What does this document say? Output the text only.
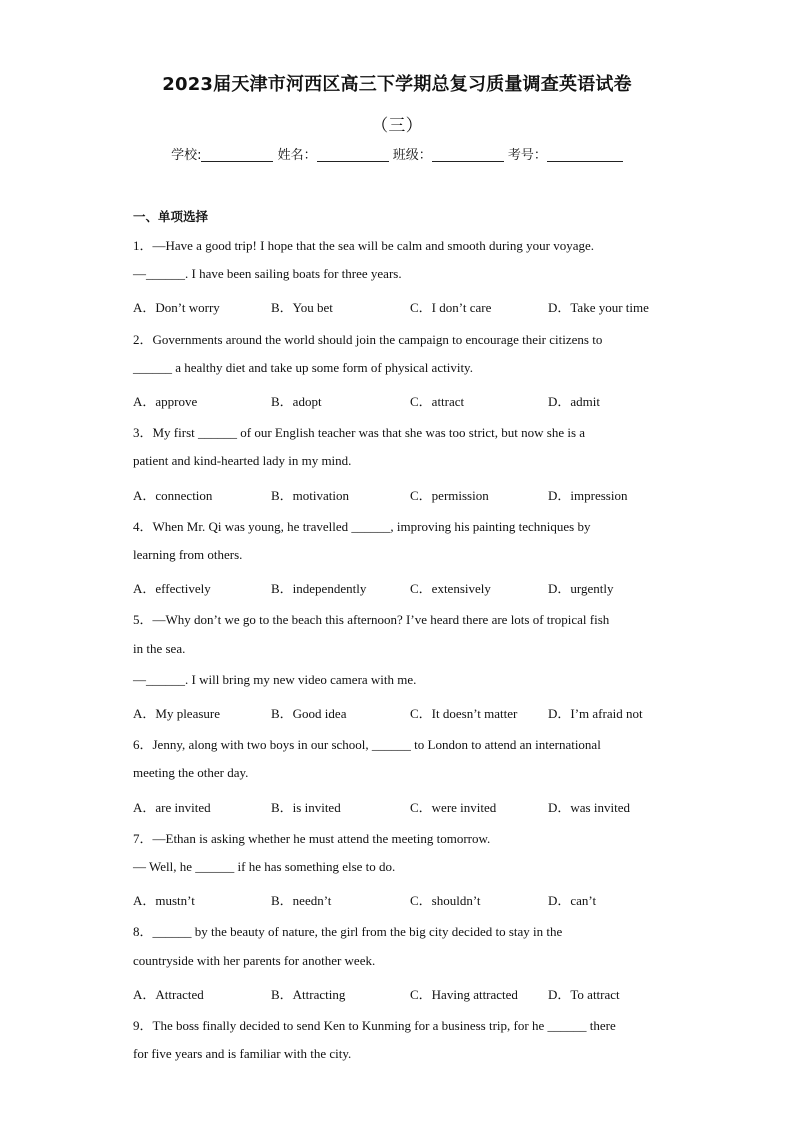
2023届天津市河西区高三下学期总复习质量调查英语试卷
（三）
学校:	姓名：	班级：	考号：
一、单项选择
1．—Have a good trip! I hope that the sea will be calm and smooth during your voyage.
—______. I have been sailing boats for three years.
A．Don’t worry	B．You bet	C．I don’t care	D．Take your time
2．Governments around the world should join the campaign to encourage their citizens to
______ a healthy diet and take up some form of physical activity.
A．approve	B．adopt	C．attract	D．admit
3．My first ______ of our English teacher was that she was too strict, but now she is a
patient and kind-hearted lady in my mind.
A．connection	B．motivation	C．permission	D．impression
4．When Mr. Qi was young, he travelled ______, improving his painting techniques by
learning from others.
A．effectively	B．independently	C．extensively	D．urgently
5．—Why don’t we go to the beach this afternoon? I’ve heard there are lots of tropical fish
in the sea.
—______. I will bring my new video camera with me.
A．My pleasure	B．Good idea	C．It doesn’t matter D．I’m afraid not
6．Jenny, along with two boys in our school, ______ to London to attend an international
meeting the other day.
A．are invited	B．is invited	C．were invited	D．was invited
7．—Ethan is asking whether he must attend the meeting tomorrow.
— Well, he ______ if he has something else to do.
A．mustn’t	B．needn’t	C．shouldn’t	D．can’t
8．______ by the beauty of nature, the girl from the big city decided to stay in the
countryside with her parents for another week.
A．Attracted	B．Attracting	C．Having attracted D．To attract
9．The boss finally decided to send Ken to Kunming for a business trip, for he ______ there
for five years and is familiar with the city.
